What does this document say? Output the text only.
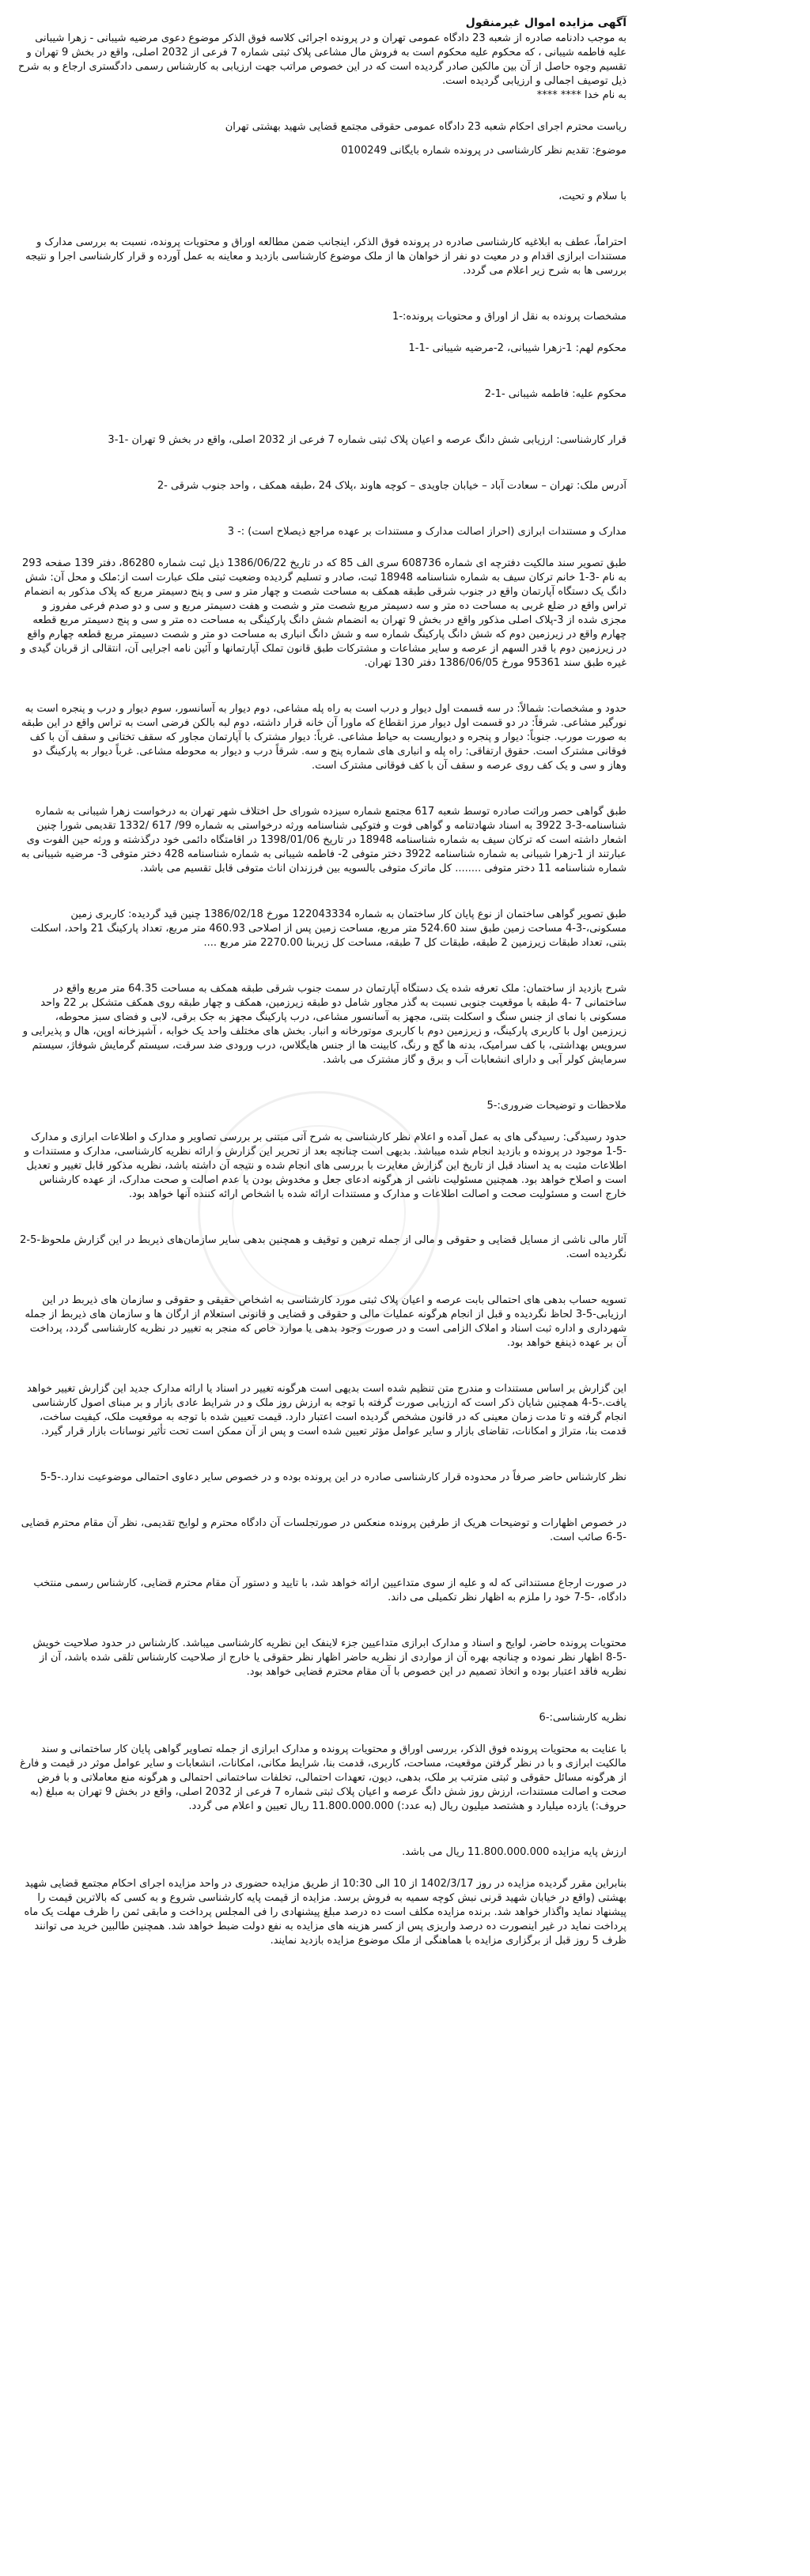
آگهی مزایده اموال غیرمنقول
به موجب دادنامه صادره از شعبه 23 دادگاه عمومی تهران و در پرونده اجرائی کلاسه فوق الذکر موضوع دعوی مرضیه شیبانی - زهرا شیبانی علیه فاطمه شیبانی ، که محکوم علیه محکوم است به فروش مال مشاعی پلاک ثبتی شماره 7 فرعی از 2032 اصلی، واقع در بخش 9 تهران و تقسیم وجوه حاصل از آن بین مالکین صادر گردیده است که در این خصوص مراتب جهت ارزیابی به کارشناس رسمی دادگستری ارجاع و به شرح ذیل توصیف اجمالی و ارزیابی گردیده است.
به نام خدا **** ****
ریاست محترم اجرای احکام شعبه 23 دادگاه عمومی حقوقی مجتمع قضایی شهید بهشتی تهران
موضوع: تقدیم نظر کارشناسی در پرونده شماره بایگانی 0100249
با سلام و تحیت،
احتراماً، عطف به ابلاغیه کارشناسی صادره در پرونده فوق الذکر، اینجانب ضمن مطالعه اوراق و محتویات پرونده، نسبت به بررسی مدارک و مستندات ابرازی اقدام و در معیت دو نفر از خواهان ها از ملک موضوع کارشناسی بازدید و معاینه به عمل آورده و قرار کارشناسی اجرا و نتیجه بررسی ها به شرح زیر اعلام می گردد.
مشخصات پرونده به نقل از اوراق و محتویات پرونده:-1
محکوم لهم: 1-زهرا شیبانی، 2-مرضیه شیبانی -1-1
محکوم علیه: فاطمه شیبانی -1-2
قرار کارشناسی: ارزیابی شش دانگ عرصه و اعیان پلاک ثبتی شماره 7 فرعی از 2032 اصلی، واقع در بخش 9 تهران -1-3
آدرس ملک: تهران – سعادت آباد – خیابان جاویدی – کوچه هاوند ،پلاک 24 ،طبقه همکف ، واحد جنوب شرقی -2
مدارک و مستندات ابرازی (احراز اصالت مدارک و مستندات بر عهده مراجع ذیصلاح است) :- 3
طبق تصویر سند مالکیت دفترچه ای شماره 608736 سری الف 85 که در تاریخ 1386/06/22 ذیل ثبت شماره 86280، دفتر 139 صفحه 293 به نام -3-1 خانم ترکان سیف به شماره شناسنامه 18948 ثبت، صادر و تسلیم گردیده وضعیت ثبتی ملک عبارت است از:ملک و محل آن: شش دانگ یک دستگاه آپارتمان واقع در جنوب شرقی طبقه همکف به مساحت شصت و چهار متر و سی و پنج دسیمتر مربع که پلاک مذکور به انضمام تراس واقع در ضلع غربی به مساحت ده متر و سه دسیمتر مربع شصت متر و شصت و هفت دسیمتر مربع و سی و دو صدم فرعی مفروز و مجزی شده از 3-پلاک اصلی مذکور واقع در بخش 9 تهران به انضمام شش دانگ پارکینگی به مساحت ده متر و سی و پنج دسیمتر مربع قطعه چهارم واقع در زیرزمین دوم که شش دانگ پارکینگ شماره سه و شش دانگ انباری به مساحت دو متر و شصت دسیمتر مربع قطعه چهارم واقع در زیرزمین دوم با قدر السهم از عرصه و سایر مشاعات و مشترکات طبق قانون تملک آپارتمانها و آئین نامه اجرایی آن، انتقالی از قربان گیدی و غیره طبق سند 95361 مورخ 1386/06/05 دفتر 130 تهران.
حدود و مشخصات: شمالاً: در سه قسمت اول دیوار و درب است به راه پله مشاعی، دوم دیوار به آسانسور، سوم دیوار و درب و پنجره است به نورگیر مشاعی. شرقاً: در دو قسمت اول دیوار مرز انقطاع که ماورا آن خانه قرار داشته، دوم لبه بالکن فرضی است به تراس واقع در این طبقه به صورت مورب. جنوباً: دیوار و پنجره و دیواریست به حیاط مشاعی. غرباً: دیوار مشترک با آپارتمان مجاور که سقف تختانی و سقف آن با کف فوقانی مشترک است. حقوق ارتفاقی: راه پله و انباری های شماره پنج و سه. شرقاً درب و دیوار به محوطه مشاعی. غرباً دیوار به پارکینگ دو وهاز و سی و یک کف روی عرصه و سقف آن با کف فوقانی مشترک است.
طبق گواهی حصر وراثت صادره توسط شعبه 617 مجتمع شماره سیزده شورای حل اختلاف شهر تهران به درخواست زهرا شیبانی به شماره شناسنامه-3-3 3922 به اسناد شهادتنامه و گواهی فوت و فتوکپی شناسنامه ورثه درخواستی به شماره 99/ 617 /1332 تقدیمی شورا چنین اشعار داشته است که ترکان سیف به شماره شناسنامه 18948 در تاریخ 1398/01/06 در اقامتگاه دائمی خود درگذشته و ورثه حین الفوت وی عبارتند از 1-زهرا شیبانی به شماره شناسنامه 3922 دختر متوفی 2- فاطمه شیبانی به شماره شناسنامه 428 دختر متوفی 3- مرضیه شیبانی به شماره شناسنامه 11 دختر متوفی ........ کل ماترک متوفی بالسویه بین فرزندان اناث متوفی قابل تقسیم می باشد.
طبق تصویر گواهی ساختمان از نوع پایان کار ساختمان به شماره 122043334 مورخ 1386/02/18 چنین قید گردیده: کاربری زمین مسکونی،-3-4 مساحت زمین طبق سند 524.60 متر مربع، مساحت زمین پس از اصلاحی 460.93 متر مربع، تعداد پارکینگ 21 واحد، اسکلت بتنی، تعداد طبقات زیرزمین 2 طبقه، طبقات کل 7 طبقه، مساحت کل زیربنا 2270.00 متر مربع ....
شرح بازدید از ساختمان: ملک تعرفه شده یک دستگاه آپارتمان در سمت جنوب شرقی طبقه همکف به مساحت 64.35 متر مربع واقع در ساختمانی 7 -4 طبقه با موقعیت جنوبی نسبت به گذر مجاور شامل دو طبقه زیرزمین، همکف و چهار طبقه روی همکف متشکل بر 22 واحد مسکونی با نمای از جنس سنگ و اسکلت بتنی، مجهز به آسانسور مشاعی، درب پارکینگ مجهز به جک برقی، لابی و فضای سبز محوطه، زیرزمین اول با کاربری پارکینگ، و زیرزمین دوم با کاربری موتورخانه و انبار. بخش های مختلف واحد یک خوابه ، آشپزخانه اوپن، هال و پذیرایی و سرویس بهداشتی، با کف سرامیک، بدنه ها گچ و رنگ، کابینت ها از جنس هایگلاس، درب ورودی ضد سرقت، سیستم گرمایش شوفاژ، سیستم سرمایش کولر آبی و دارای انشعابات آب و برق و گاز مشترک می باشد.
ملاحظات و توضیحات ضروری:-5
حدود رسیدگی: رسیدگی های به عمل آمده و اعلام نظر کارشناسی به شرح آتی مبتنی بر بررسی تصاویر و مدارک و اطلاعات ابرازی و مدارک -5-1 موجود در پرونده و بازدید انجام شده میباشد. بدیهی است چنانچه بعد از تحریر این گزارش و ارائه نظریه کارشناسی، مدارک و مستندات و اطلاعات مثبت به ید اسناد قبل از تاریخ این گزارش مغایرت با بررسی های انجام شده و نتیجه آن داشته باشد، نظریه مذکور قابل تغییر و تعدیل است و اصلاح خواهد بود. همچنین مسئولیت ناشی از هرگونه ادعای جعل و مخدوش بودن یا عدم اصالت و صحت مدارک، از عهده کارشناس خارج است و مسئولیت صحت و اصالت اطلاعات و مدارک و مستندات ارائه شده با اشخاص ارائه کننده آنها خواهد بود.
آثار مالی ناشی از مسایل قضایی و حقوقی و مالی از جمله ترهین و توقیف و همچنین بدهی سایر سازمان‌های ذیربط در این گزارش ملحوظ-5-2 نگردیده است.
تسویه حساب بدهی های احتمالی بابت عرصه و اعیان پلاک ثبتی مورد کارشناسی به اشخاص حقیقی و حقوقی و سازمان های ذیربط در این ارزیابی-5-3 لحاظ نگردیده و قبل از انجام هرگونه عملیات مالی و حقوقی و قضایی و قانونی استعلام از ارگان ها و سازمان های ذیربط از جمله شهرداری و اداره ثبت اسناد و املاک الزامی است و در صورت وجود بدهی یا موارد خاص که منجر به تغییر در نظریه کارشناسی گردد، پرداخت آن بر عهده ذینفع خواهد بود.
این گزارش بر اساس مستندات و مندرج متن تنظیم شده است بدیهی است هرگونه تغییر در اسناد یا ارائه مدارک جدید این گزارش تغییر خواهد یافت.-5-4 همچنین شایان ذکر است که ارزیابی صورت گرفته با توجه به ارزش روز ملک و در شرایط عادی بازار و بر مبنای اصول کارشناسی انجام گرفته و تا مدت زمان معینی که در قانون مشخص گردیده است اعتبار دارد. قیمت تعیین شده با توجه به موقعیت ملک، کیفیت ساخت، قدمت بنا، متراژ و امکانات، تقاضای بازار و سایر عوامل مؤثر تعیین شده است و پس از آن ممکن است تحت تأثیر نوسانات بازار قرار گیرد.
نظر کارشناس حاضر صرفاً در محدوده قرار کارشناسی صادره در این پرونده بوده و در خصوص سایر دعاوی احتمالی موضوعیت ندارد.-5-5
در خصوص اظهارات و توضیحات هریک از طرفین پرونده منعکس در صورتجلسات آن دادگاه محترم و لوایح تقدیمی، نظر آن مقام محترم قضایی -5-6 صائب است.
در صورت ارجاع مستنداتی که له و علیه از سوی متداعیین ارائه خواهد شد، با تایید و دستور آن مقام محترم قضایی، کارشناس رسمی منتخب دادگاه، -5-7 خود را ملزم به اظهار نظر تکمیلی می داند.
محتویات پرونده حاضر، لوایح و اسناد و مدارک ابرازی متداعیین جزء لاینفک این نظریه کارشناسی میباشد. کارشناس در حدود صلاحیت خویش -5-8 اظهار نظر نموده و چنانچه بهره آن از مواردی از نظریه حاضر اظهار نظر حقوقی یا خارج از صلاحیت کارشناس تلقی شده باشد، آن از نظریه فاقد اعتبار بوده و اتخاذ تصمیم در این خصوص با آن مقام محترم قضایی خواهد بود.
نظریه کارشناسی:-6
با عنایت به محتویات پرونده فوق الذکر، بررسی اوراق و محتویات پرونده و مدارک ابرازی از جمله تصاویر گواهی پایان کار ساختمانی و سند مالکیت ابرازی و با در نظر گرفتن موقعیت، مساحت، کاربری، قدمت بنا، شرایط مکانی، امکانات، انشعابات و سایر عوامل موثر در قیمت و فارغ از هرگونه مسائل حقوقی و ثبتی مترتب بر ملک، بدهی، دیون، تعهدات احتمالی، تخلفات ساختمانی احتمالی و هرگونه منع معاملاتی و با فرض صحت و اصالت مستندات، ارزش روز شش دانگ عرصه و اعیان پلاک ثبتی شماره 7 فرعی از 2032 اصلی، واقع در بخش 9 تهران به مبلغ (به حروف:) یازده میلیارد و هشتصد میلیون ریال (به عدد:) 11.800.000.000 ریال تعیین و اعلام می گردد.
ارزش پایه مزایده 11.800.000.000 ریال می باشد.
بنابراین مقرر گردیده مزایده در روز 1402/3/17 از 10 الی 10:30 از طریق مزایده حضوری در واحد مزایده اجرای احکام مجتمع قضایی شهید بهشتی (واقع در خیابان شهید قرنی نبش کوچه سمیه به فروش برسد. مزایده از قیمت پایه کارشناسی شروع و به کسی که بالاترین قیمت را پیشنهاد نماید واگذار خواهد شد. برنده مزایده مکلف است ده درصد مبلغ پیشنهادی را فی المجلس پرداخت و مابقی ثمن را ظرف مهلت یک ماه پرداخت نماید در غیر اینصورت ده درصد واریزی پس از کسر هزینه های مزایده به نفع دولت ضبط خواهد شد. همچنین طالبین خرید می توانند ظرف 5 روز قبل از برگزاری مزایده با هماهنگی از ملک موضوع مزایده بازدید نمایند.
